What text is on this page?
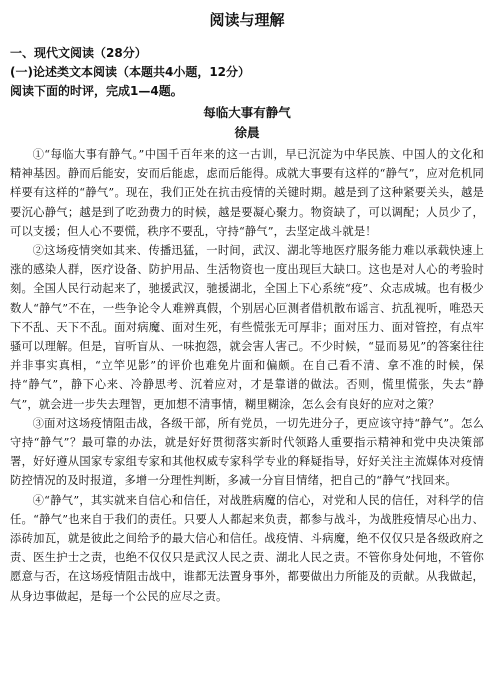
阅读与理解
一、现代文阅读（28分）
(一)论述类文本阅读（本题共4小题，12分）
阅读下面的时评，完成1—4题。
每临大事有静气
徐晨

①“每临大事有静气。”中国千百年来的这一古训，早已沉淀为中华民族、中国人的文化和精神基因。静而后能安，安而后能虑，虑而后能得。成就大事要有这样的“静气”，应对危机同样要有这样的“静气”。现在，我们正处在抗击疫情的关键时期。越是到了这种紧要关头，越是要沉心静气；越是到了吃劲费力的时候，越是要凝心聚力。物资缺了，可以调配；人员少了，可以支援；但人心不要慌，秩序不要乱，守持“静气”，去坚定战斗就是！

②这场疫情突如其来、传播迅猛，一时间，武汉、湖北等地医疗服务能力难以承载快速上涨的感染人群，医疗设备、防护用品、生活物资也一度出现巨大缺口。这也是对人心的考验时刻。全国人民行动起来了，驰援武汉，驰援湖北，全国上下心系统“疫”、众志成城。也有极少数人“静气”不在，一些争论令人难辨真假，个别居心叵测者借机散布谣言、抗乱视听，唯恐天下不乱、天下不乱。面对病魔、面对生死，有些慌张无可厚非；面对压力、面对管控，有点牢骚可以理解。但是，盲听盲从、一味抱怨，就会害人害己。不少时候，“显而易见”的答案往往并非事实真相，“立竿见影”的评价也难免片面和偏颇。在自己看不清、拿不准的时候，保持“静气”，静下心来、冷静思考、沉着应对，才是靠谱的做法。否则，慌里慌张，失去“静气”，就会进一步失去理智，更加想不清事情，糊里糊涂，怎么会有良好的应对之策？

③面对这场疫情阻击战，各级干部，所有党员，一切先进分子，更应该守持“静气”。怎么守持“静气”？最可靠的办法，就是好好贯彻落实新时代领路人重要指示精神和党中央决策部署，好好遵从国家专家组专家和其他权威专家科学专业的释疑指导，好好关注主流媒体对疫情防控情况的及时报道，多增一分理性判断，多减一分盲目情绪，把自己的“静气”找回来。

④“静气”，其实就来自信心和信任，对战胜病魔的信心，对党和人民的信任，对科学的信任。“静气”也来自于我们的责任。只要人人都起来负责，都参与战斗，为战胜疫情尽心出力、添砖加瓦，就是彼此之间给予的最大信心和信任。战疫情、斗病魔，绝不仅仅只是各级政府之责、医生护士之责，也绝不仅仅只是武汉人民之责、湖北人民之责。不管你身处何地，不管你愿意与否，在这场疫情阻击战中，谁都无法置身事外，都要做出力所能及的贡献。从我做起，从身边事做起，是每一个公民的应尽之责。
